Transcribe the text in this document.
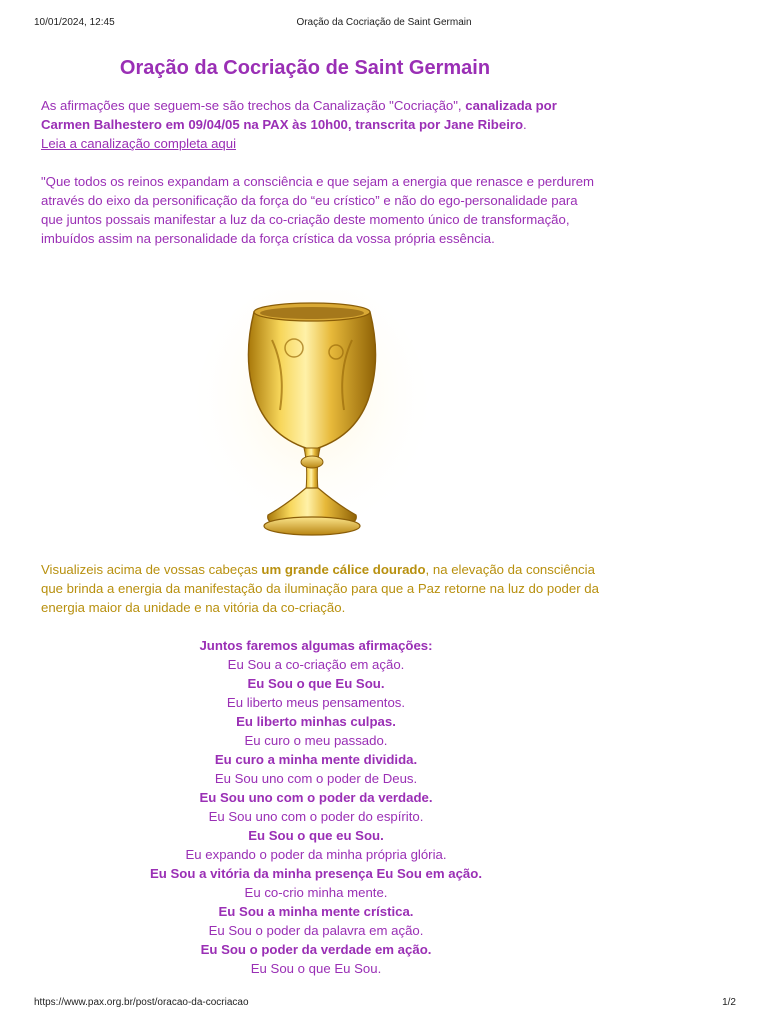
10/01/2024, 12:45	Oração da Cocriação de Saint Germain
Oração da Cocriação de Saint Germain

As afirmações que seguem-se são trechos da Canalização "Cocriação", canalizada por Carmen Balhestero em 09/04/05 na PAX às 10h00, transcrita por Jane Ribeiro.
Leia a canalização completa aqui

"Que todos os reinos expandam a consciência e que sejam a energia que renasce e perdurem através do eixo da personificação da força do “eu crístico” e não do ego-personalidade para que juntos possais manifestar a luz da co-criação deste momento único de transformação, imbuídos assim na personalidade da força crística da vossa própria essência.

Visualizeis acima de vossas cabeças um grande cálice dourado, na elevação da consciência que brinda a energia da manifestação da iluminação para que a Paz retorne na luz do poder da energia maior da unidade e na vitória da co-criação.

Juntos faremos algumas afirmações:
Eu Sou a co-criação em ação.
Eu Sou o que Eu Sou.
Eu liberto meus pensamentos.
Eu liberto minhas culpas.
Eu curo o meu passado.
Eu curo a minha mente dividida.
Eu Sou uno com o poder de Deus.
Eu Sou uno com o poder da verdade.
Eu Sou uno com o poder do espírito.
Eu Sou o que eu Sou.
Eu expando o poder da minha própria glória.
Eu Sou a vitória da minha presença Eu Sou em ação.
Eu co-crio minha mente.
Eu Sou a minha mente crística.
Eu Sou o poder da palavra em ação.
Eu Sou o poder da verdade em ação.
Eu Sou o que Eu Sou.
https://www.pax.org.br/post/oracao-da-cocriacao	1/2
